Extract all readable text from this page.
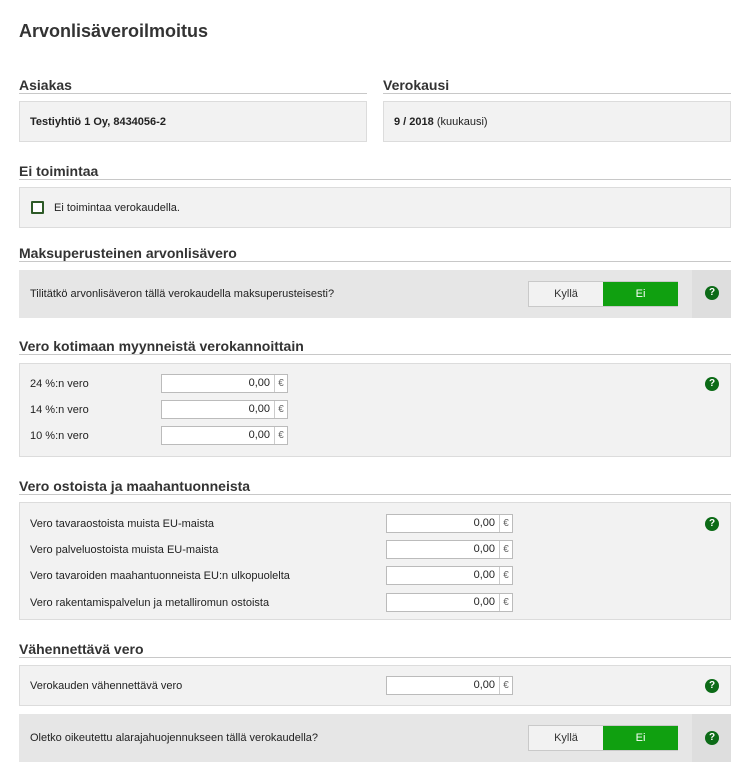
Arvonlisäveroilmoitus
Asiakas
Testiyhtiö 1 Oy, 8434056-2
Verokausi
9 / 2018 (kuukausi)
Ei toimintaa
Ei toimintaa verokaudella.
Maksuperusteinen arvonlisävero
Tilitätkö arvonlisäveron tällä verokaudella maksuperusteisesti?	Kyllä	Ei	?
Vero kotimaan myynneistä verokannoittain
24 %:n vero	0,00 €
14 %:n vero	0,00 €
10 %:n vero	0,00 €
?
Vero ostoista ja maahantuonneista
Vero tavaraostoista muista EU-maista	0,00 €
Vero palveluostoista muista EU-maista	0,00 €
Vero tavaroiden maahantuonneista EU:n ulkopuolelta	0,00 €
Vero rakentamispalvelun ja metalliromun ostoista	0,00 €
?
Vähennettävä vero
Verokauden vähennettävä vero	0,00 €	?
Oletko oikeutettu alarajahuojennukseen tällä verokaudella?	Kyllä	Ei	?
